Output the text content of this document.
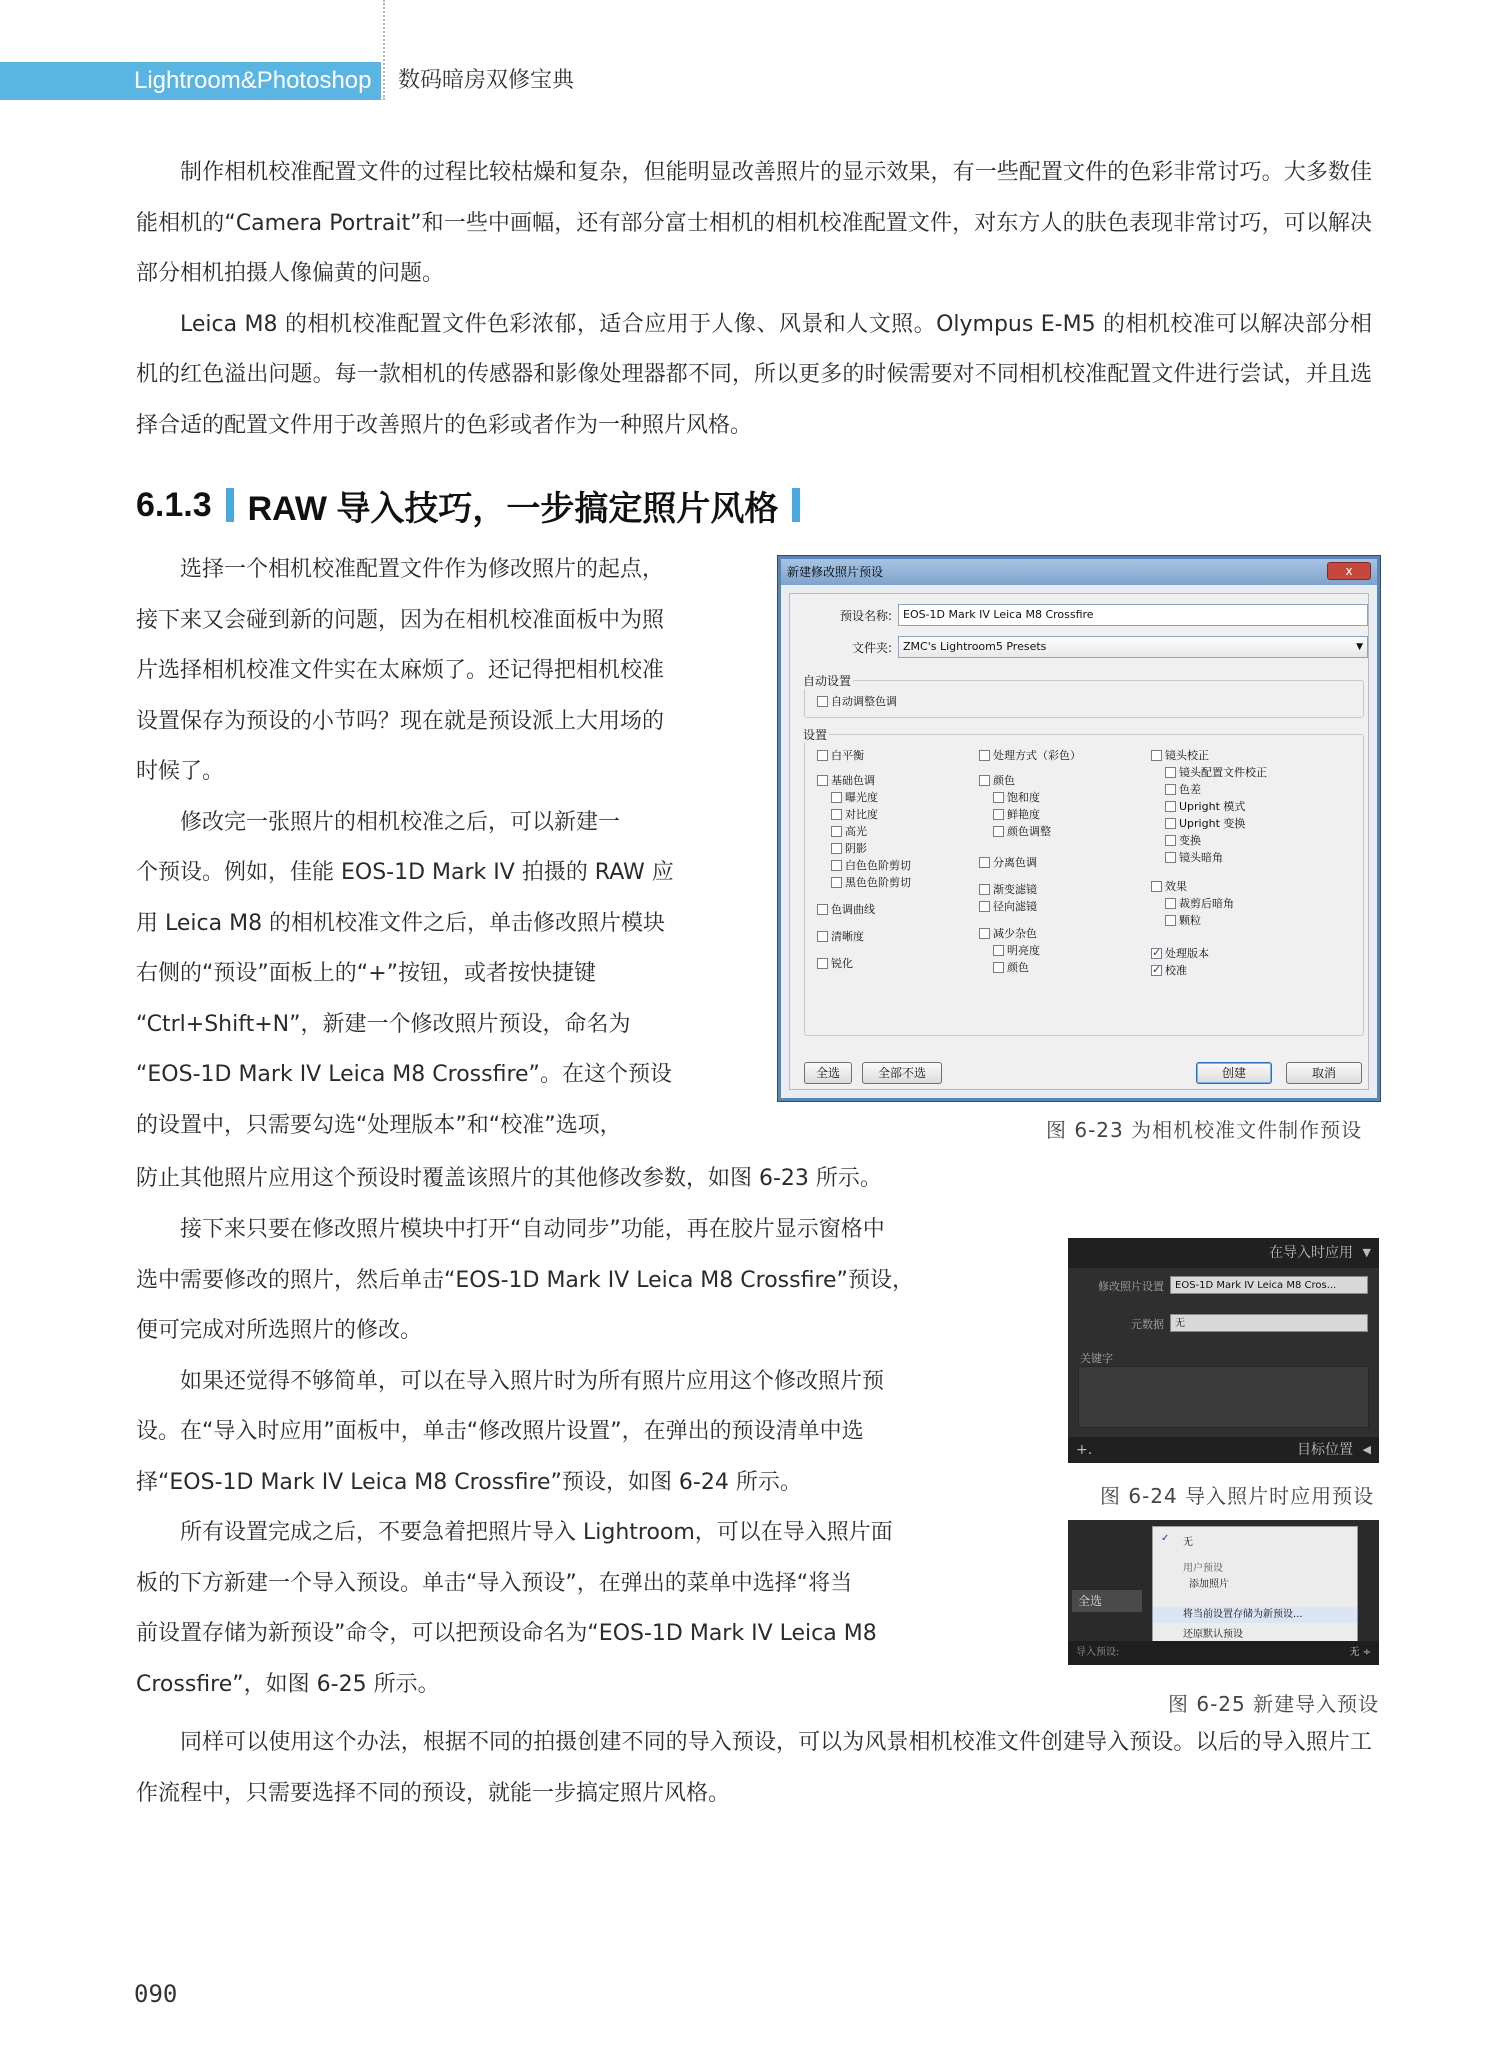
Lightroom&Photoshop	数码暗房双修宝典

制作相机校准配置文件的过程比较枯燥和复杂，但能明显改善照片的显示效果，有一些配置文件的色彩非常讨巧。大多数佳能相机的“Camera Portrait”和一些中画幅，还有部分富士相机的相机校准配置文件，对东方人的肤色表现非常讨巧，可以解决部分相机拍摄人像偏黄的问题。

Leica M8 的相机校准配置文件色彩浓郁，适合应用于人像、风景和人文照。Olympus E-M5 的相机校准可以解决部分相机的红色溢出问题。每一款相机的传感器和影像处理器都不同，所以更多的时候需要对不同相机校准配置文件进行尝试，并且选择合适的配置文件用于改善照片的色彩或者作为一种照片风格。

6.1.3 RAW 导入技巧，一步搞定照片风格
选择一个相机校准配置文件作为修改照片的起点，
接下来又会碰到新的问题，因为在相机校准面板中为照
片选择相机校准文件实在太麻烦了。还记得把相机校准
设置保存为预设的小节吗？现在就是预设派上大用场的
时候了。
修改完一张照片的相机校准之后，可以新建一
个预设。例如，佳能 EOS-1D Mark IV 拍摄的 RAW 应
用 Leica M8 的相机校准文件之后，单击修改照片模块
右侧的“预设”面板上的“+”按钮，或者按快捷键
“Ctrl+Shift+N”，新建一个修改照片预设，命名为
“EOS-1D Mark IV Leica M8 Crossfire”。在这个预设
的设置中，只需要勾选“处理版本”和“校准”选项，
新建修改照片预设	x
预设名称:	EOS-1D Mark IV Leica M8 Crossfire
文件夹:	ZMC's Lightroom5 Presets	▼
自动设置
自动调整色调
设置
白平衡
基础色调
曝光度
对比度
高光
阴影
白色色阶剪切
黑色色阶剪切
色调曲线
清晰度
锐化
处理方式（彩色）
颜色
饱和度
鲜艳度
颜色调整
分离色调
渐变滤镜
径向滤镜
减少杂色
明亮度
颜色
镜头校正
镜头配置文件校正
色差
Upright 模式
Upright 变换
变换
镜头暗角
效果
裁剪后暗角
颗粒
✓
处理版本
✓
校准
全选	全部不选	创建	取消
图 6-23 为相机校准文件制作预设
防止其他照片应用这个预设时覆盖该照片的其他修改参数，如图 6-23 所示。
接下来只要在修改照片模块中打开“自动同步”功能，再在胶片显示窗格中
选中需要修改的照片，然后单击“EOS-1D Mark IV Leica M8 Crossfire”预设，
便可完成对所选照片的修改。
如果还觉得不够简单，可以在导入照片时为所有照片应用这个修改照片预
设。在“导入时应用”面板中，单击“修改照片设置”，在弹出的预设清单中选
择“EOS-1D Mark IV Leica M8 Crossfire”预设，如图 6-24 所示。
所有设置完成之后，不要急着把照片导入 Lightroom，可以在导入照片面
板的下方新建一个导入预设。单击“导入预设”，在弹出的菜单中选择“将当
前设置存储为新预设”命令，可以把预设命名为“EOS-1D Mark IV Leica M8
Crossfire”，如图 6-25 所示。
在导入时应用 ▼
修改照片设置	EOS-1D Mark IV Leica M8 Cros...
元数据	无
关键字
+.	目标位置 ◀
图 6-24 导入照片时应用预设
全选
✓ 无
用户预设
添加照片
将当前设置存储为新预设...
还原默认预设
导入预设:	无 ÷
图 6-25 新建导入预设

同样可以使用这个办法，根据不同的拍摄创建不同的导入预设，可以为风景相机校准文件创建导入预设。以后的导入照片工作流程中，只需要选择不同的预设，就能一步搞定照片风格。

090
